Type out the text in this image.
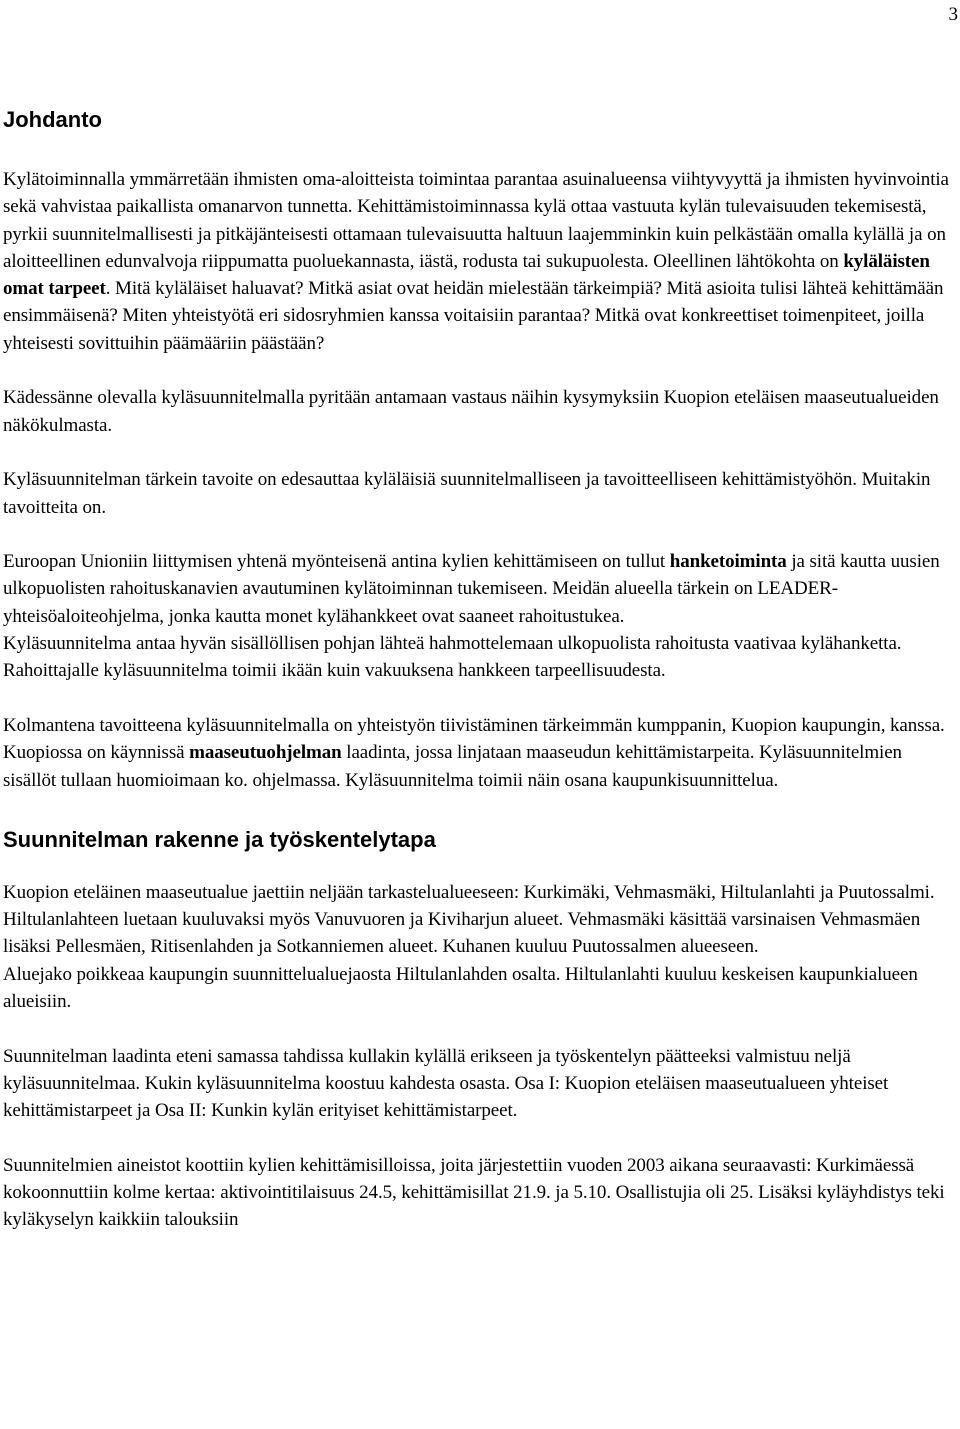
3
Johdanto

Kylätoiminnalla ymmärretään ihmisten oma-aloitteista toimintaa parantaa asuinalueensa viihtyvyyttä ja ihmisten hyvinvointia sekä vahvistaa paikallista omanarvon tunnetta. Kehittämistoiminnassa kylä ottaa vastuuta kylän tulevaisuuden tekemisestä, pyrkii suunnitelmallisesti ja pitkäjänteisesti ottamaan tulevaisuutta haltuun laajemminkin kuin pelkästään omalla kylällä ja on aloitteellinen edunvalvoja riippumatta puoluekannasta, iästä, rodusta tai sukupuolesta. Oleellinen lähtökohta on kyläläisten omat tarpeet. Mitä kyläläiset haluavat? Mitkä asiat ovat heidän mielestään tärkeimpiä? Mitä asioita tulisi lähteä kehittämään ensimmäisenä? Miten yhteistyötä eri sidosryhmien kanssa voitaisiin parantaa? Mitkä ovat konkreettiset toimenpiteet, joilla yhteisesti sovittuihin päämääriin päästään?

Kädessänne olevalla kyläsuunnitelmalla pyritään antamaan vastaus näihin kysymyksiin Kuopion eteläisen maaseutualueiden näkökulmasta.

Kyläsuunnitelman tärkein tavoite on edesauttaa kyläläisiä suunnitelmalliseen ja tavoitteelliseen kehittämistyöhön. Muitakin tavoitteita on.

Euroopan Unioniin liittymisen yhtenä myönteisenä antina kylien kehittämiseen on tullut hanketoiminta ja sitä kautta uusien ulkopuolisten rahoituskanavien avautuminen kylätoiminnan tukemiseen. Meidän alueella tärkein on LEADER-yhteisöaloiteohjelma, jonka kautta monet kylähankkeet ovat saaneet rahoitustukea.

Kyläsuunnitelma antaa hyvän sisällöllisen pohjan lähteä hahmottelemaan ulkopuolista rahoitusta vaativaa kylähanketta. Rahoittajalle kyläsuunnitelma toimii ikään kuin vakuuksena hankkeen tarpeellisuudesta.

Kolmantena tavoitteena kyläsuunnitelmalla on yhteistyön tiivistäminen tärkeimmän kumppanin, Kuopion kaupungin, kanssa. Kuopiossa on käynnissä maaseutuohjelman laadinta, jossa linjataan maaseudun kehittämistarpeita. Kyläsuunnitelmien sisällöt tullaan huomioimaan ko. ohjelmassa. Kyläsuunnitelma toimii näin osana kaupunkisuunnittelua.

Suunnitelman rakenne ja työskentelytapa

Kuopion eteläinen maaseutualue jaettiin neljään tarkastelualueeseen: Kurkimäki, Vehmasmäki, Hiltulanlahti ja Puutossalmi. Hiltulanlahteen luetaan kuuluvaksi myös Vanuvuoren ja Kiviharjun alueet. Vehmasmäki käsittää varsinaisen Vehmasmäen lisäksi Pellesmäen, Ritisenlahden ja Sotkanniemen alueet. Kuhanen kuuluu Puutossalmen alueeseen.

Aluejako poikkeaa kaupungin suunnittelualuejaosta Hiltulanlahden osalta. Hiltulanlahti kuuluu keskeisen kaupunkialueen alueisiin.

Suunnitelman laadinta eteni samassa tahdissa kullakin kylällä erikseen ja työskentelyn päätteeksi valmistuu neljä kyläsuunnitelmaa. Kukin kyläsuunnitelma koostuu kahdesta osasta. Osa I: Kuopion eteläisen maaseutualueen yhteiset kehittämistarpeet ja Osa II: Kunkin kylän erityiset kehittämistarpeet.

Suunnitelmien aineistot koottiin kylien kehittämisilloissa, joita järjestettiin vuoden 2003 aikana seuraavasti: Kurkimäessä kokoonnuttiin kolme kertaa: aktivointitilaisuus 24.5, kehittämisillat 21.9. ja 5.10. Osallistujia oli 25. Lisäksi kyläyhdistys teki kyläkyselyn kaikkiin talouksiin
